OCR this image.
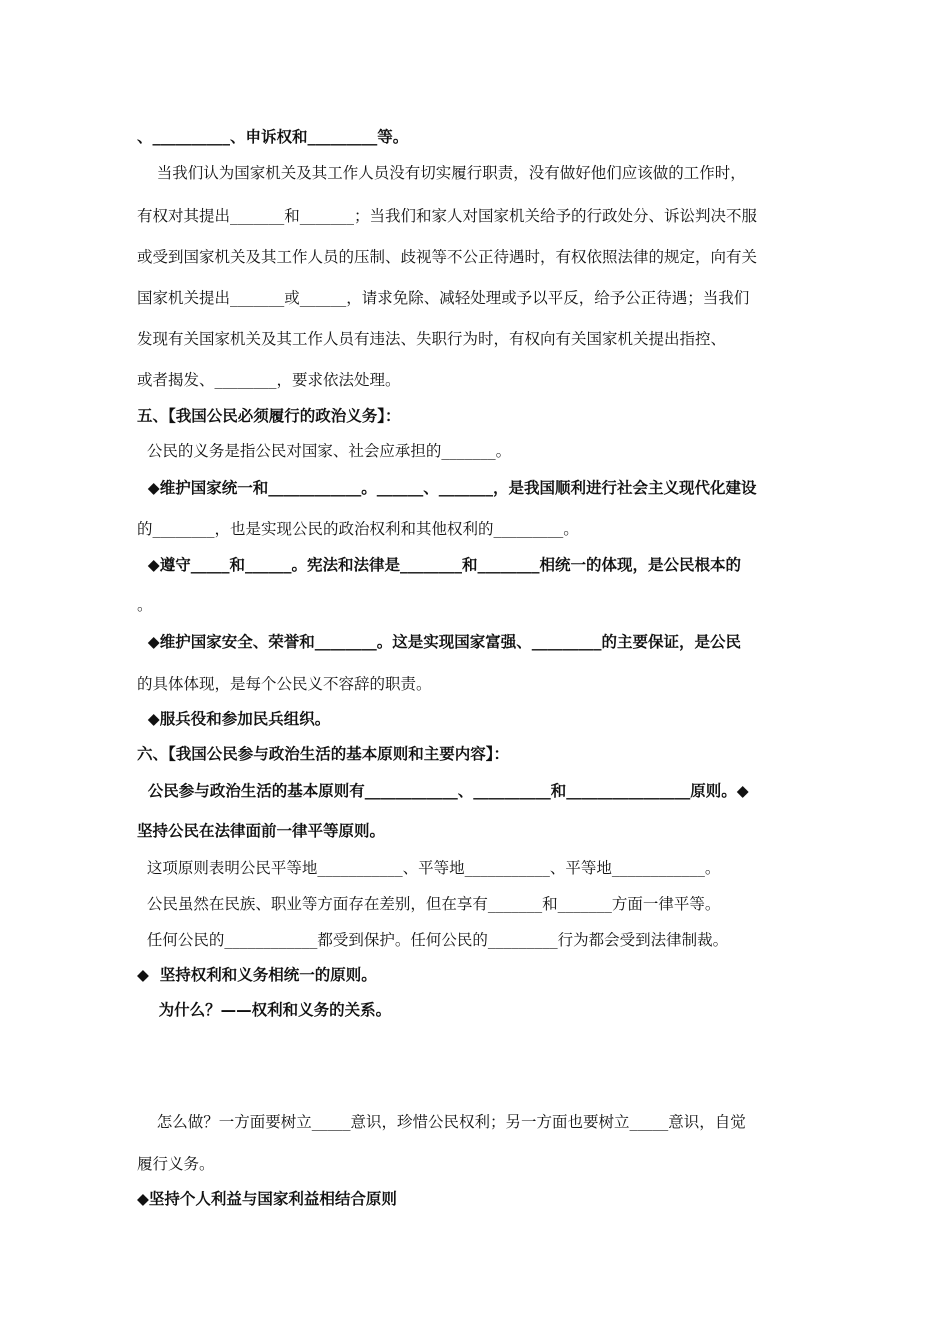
、__________、申诉权和_________等。
当我们认为国家机关及其工作人员没有切实履行职责，没有做好他们应该做的工作时，
有权对其提出_______和_______；当我们和家人对国家机关给予的行政处分、诉讼判决不服
或受到国家机关及其工作人员的压制、歧视等不公正待遇时，有权依照法律的规定，向有关
国家机关提出_______或______，请求免除、减轻处理或予以平反，给予公正待遇；当我们
发现有关国家机关及其工作人员有违法、失职行为时，有权向有关国家机关提出指控、
或者揭发、________，要求依法处理。
五、【我国公民必须履行的政治义务】：
公民的义务是指公民对国家、社会应承担的_______。
◆维护国家统一和____________。______、_______，是我国顺利进行社会主义现代化建设
的________，也是实现公民的政治权利和其他权利的_________。
◆遵守_____和______。宪法和法律是________和________相统一的体现，是公民根本的
。
◆维护国家安全、荣誉和________。这是实现国家富强、_________的主要保证，是公民
的具体体现，是每个公民义不容辞的职责。
◆服兵役和参加民兵组织。
六、【我国公民参与政治生活的基本原则和主要内容】：
公民参与政治生活的基本原则有____________、__________和________________原则。◆
坚持公民在法律面前一律平等原则。
这项原则表明公民平等地___________、平等地___________、平等地____________。
公民虽然在民族、职业等方面存在差别，但在享有_______和_______方面一律平等。
任何公民的____________都受到保护。任何公民的_________行为都会受到法律制裁。
◆  坚持权利和义务相统一的原则。
为什么？——权利和义务的关系。
怎么做？一方面要树立_____意识，珍惜公民权利；另一方面也要树立_____意识，自觉
履行义务。
◆坚持个人利益与国家利益相结合原则
